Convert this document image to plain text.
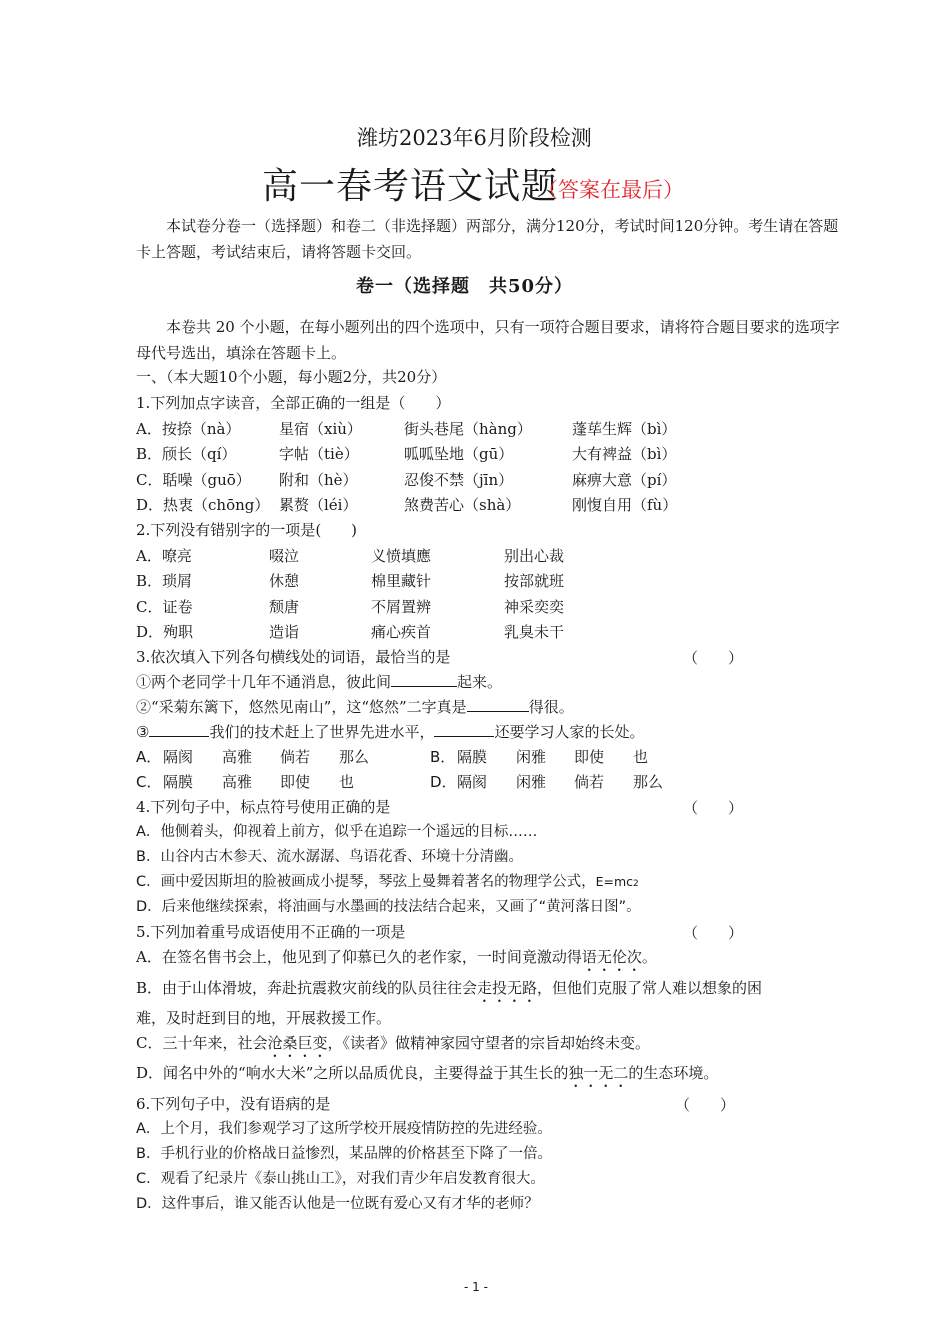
潍坊2023年6月阶段检测
高一春考语文试题
（答案在最后）
本试卷分卷一（选择题）和卷二（非选择题）两部分，满分120分，考试时间120分钟。考生请在答题卡上答题，考试结束后，请将答题卡交回。
卷一（选择题　共50分）
本卷共 20 个小题，在每小题列出的四个选项中，只有一项符合题目要求，请将符合题目要求的选项字母代号选出，填涂在答题卡上。
一、（本大题10个小题，每小题2分，共20分）
1.下列加点字读音，全部正确的一组是（　　）
A．按捺（nà）	星宿（xiù）	街头巷尾（hàng）	蓬荜生辉（bì）
B．颀长（qí）	字帖（tiè）	呱呱坠地（gū）	大有裨益（bì）
C．聒噪（guō） 附和（hè）	忍俊不禁（jīn）	麻痹大意（pí）
D．热衷（chōng） 累赘（léi）	煞费苦心（shà）	刚愎自用（fù）
2.下列没有错别字的一项是(　　)
A．嘹亮	啜泣	义愤填應	别出心裁
B．琐屑	休憩	棉里藏针	按部就班
C．证卷	颓唐	不屑置辨	神采奕奕
D．殉职	造诣	痛心疾首	乳臭未干
3.依次填入下列各句横线处的词语，最恰当的是	（　　）
①两个老同学十几年不通消息，彼此间	起来。
②“采菊东篱下，悠然见南山”，这“悠然”二字真是	得很。
③	我们的技术赶上了世界先进水平，	还要学习人家的长处。
A． 隔阂 高雅 倘若 那么	B． 隔膜 闲雅 即使 也
C． 隔膜 高雅 即使 也	D． 隔阂 闲雅 倘若 那么
4.下列句子中，标点符号使用正确的是	（　　）
A．他侧着头，仰视着上前方，似乎在追踪一个遥远的目标……
B．山谷内古木参天、流水潺潺、鸟语花香、环境十分清幽。
C．画中爱因斯坦的脸被画成小提琴，琴弦上曼舞着著名的物理学公式，E=mc2
D．后来他继续探索，将油画与水墨画的技法结合起来，又画了“黄河落日图”。
5.下列加着重号成语使用不正确的一项是	（　　）
A．在签名售书会上，他见到了仰慕已久的老作家，一时间竟激动得语无伦次。
B．由于山体滑坡，奔赴抗震救灾前线的队员往往会走投无路，但他们克服了常人难以想象的困
难，及时赶到目的地，开展救援工作。
C．三十年来，社会沧桑巨变，《读者》做精神家园守望者的宗旨却始终未变。
D．闻名中外的“响水大米”之所以品质优良，主要得益于其生长的独一无二的生态环境。
6.下列句子中，没有语病的是	（　　）
A．上个月，我们参观学习了这所学校开展疫情防控的先进经验。
B．手机行业的价格战日益惨烈，某品牌的价格甚至下降了一倍。
C．观看了纪录片《泰山挑山工》，对我们青少年启发教育很大。
D．这件事后，谁又能否认他是一位既有爱心又有才华的老师？
- 1 -
